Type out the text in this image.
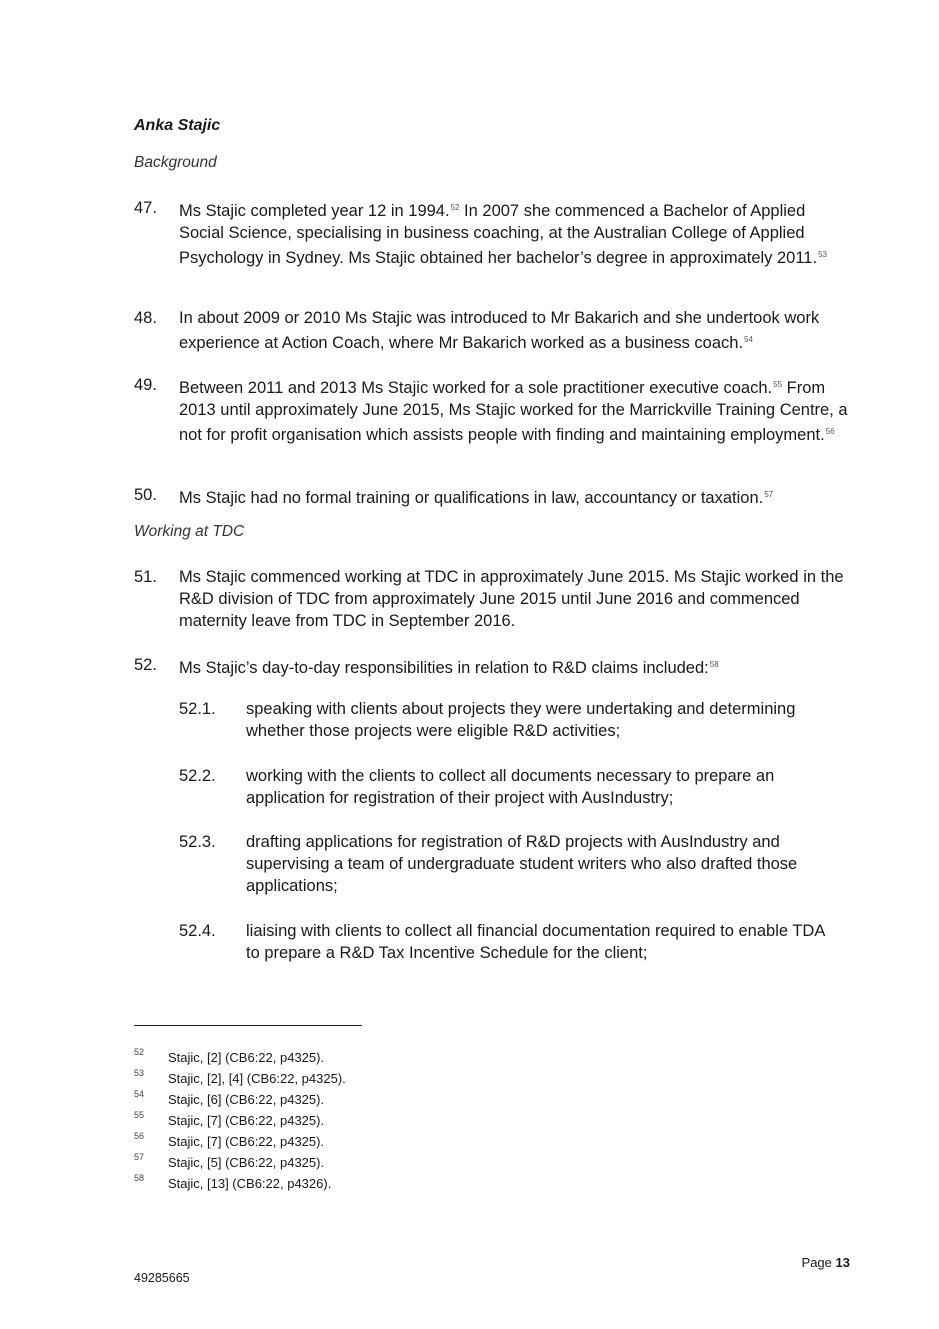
Anka Stajic
Background
47. Ms Stajic completed year 12 in 1994.52 In 2007 she commenced a Bachelor of Applied Social Science, specialising in business coaching, at the Australian College of Applied Psychology in Sydney. Ms Stajic obtained her bachelor’s degree in approximately 2011.53
48. In about 2009 or 2010 Ms Stajic was introduced to Mr Bakarich and she undertook work experience at Action Coach, where Mr Bakarich worked as a business coach.$^{54}$
49. Between 2011 and 2013 Ms Stajic worked for a sole practitioner executive coach.$^{55}$ From 2013 until approximately June 2015, Ms Stajic worked for the Marrickville Training Centre, a not for profit organisation which assists people with finding and maintaining employment.$^{56}$
50. Ms Stajic had no formal training or qualifications in law, accountancy or taxation.$^{57}$
Working at TDC
51. Ms Stajic commenced working at TDC in approximately June 2015. Ms Stajic worked in the R&D division of TDC from approximately June 2015 until June 2016 and commenced maternity leave from TDC in September 2016.
52. Ms Stajic’s day-to-day responsibilities in relation to R&D claims included:$^{58}$
52.1. speaking with clients about projects they were undertaking and determining whether those projects were eligible R&D activities;
52.2. working with the clients to collect all documents necessary to prepare an application for registration of their project with AusIndustry;
52.3. drafting applications for registration of R&D projects with AusIndustry and supervising a team of undergraduate student writers who also drafted those applications;
52.4. liaising with clients to collect all financial documentation required to enable TDA to prepare a R&D Tax Incentive Schedule for the client;
52 Stajic, [2] (CB6:22, p4325).
53 Stajic, [2], [4] (CB6:22, p4325).
54 Stajic, [6] (CB6:22, p4325).
55 Stajic, [7] (CB6:22, p4325).
56 Stajic, [7] (CB6:22, p4325).
57 Stajic, [5] (CB6:22, p4325).
58 Stajic, [13] (CB6:22, p4326).
Page 13
49285665
